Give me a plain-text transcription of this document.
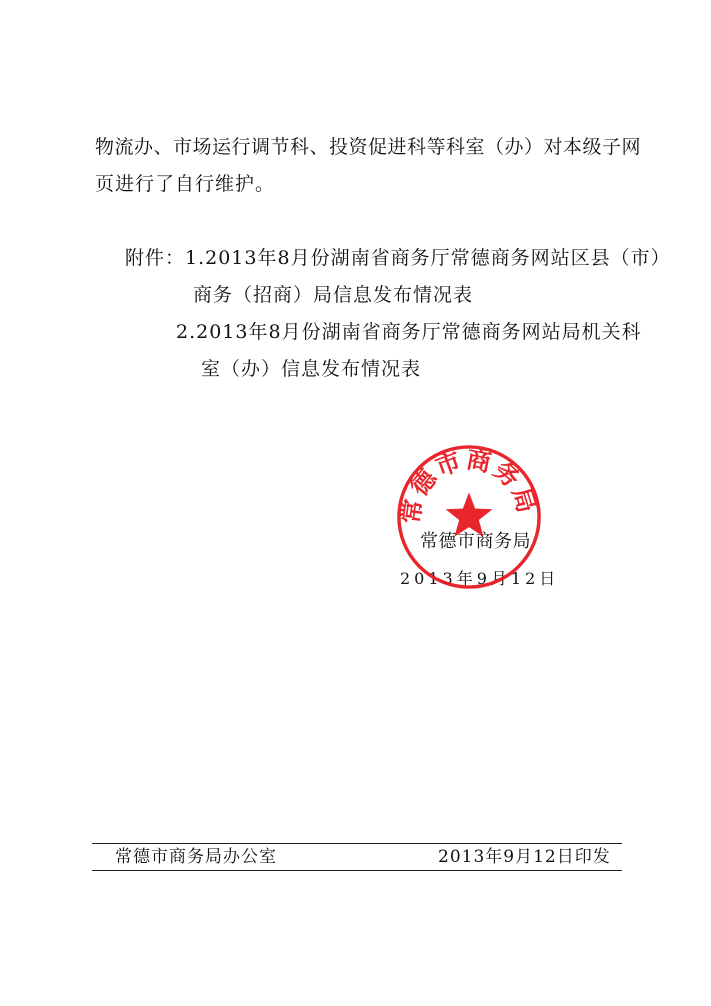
物流办、市场运行调节科、投资促进科等科室（办）对本级子网
页进行了自行维护。
附件：1.2013年8月份湖南省商务厅常德商务网站区县（市）
商务（招商）局信息发布情况表
2.2013年8月份湖南省商务厅常德商务网站局机关科
室（办）信息发布情况表
常德市商务局
2013年9月12日
常德市商务局
常德市商务局办公室	2013年9月12日印发
